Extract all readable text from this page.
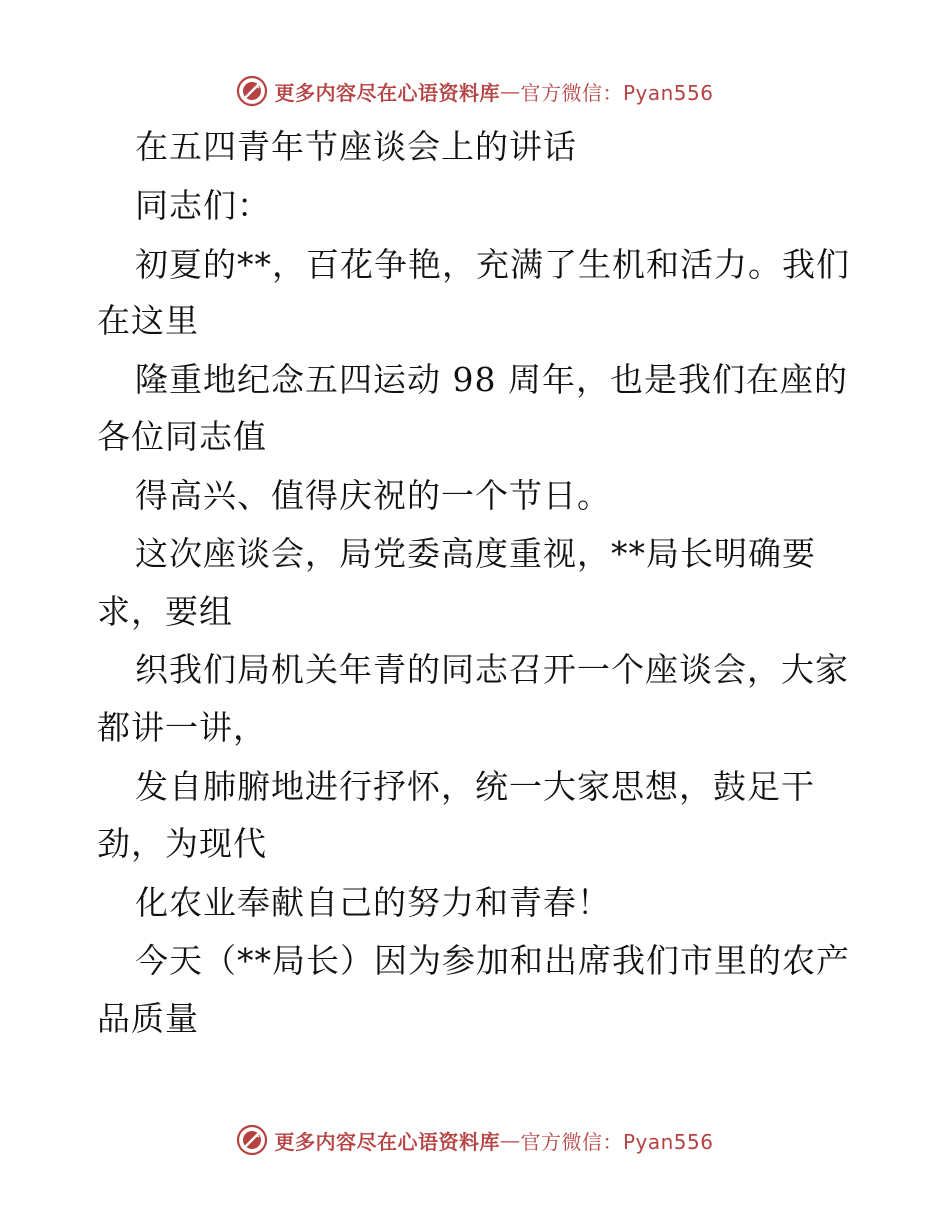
更多内容尽在心语资料库 — 官方微信：Pyan556
在五四青年节座谈会上的讲话
同志们：
初夏的**，百花争艳，充满了生机和活力。我们
在这里
隆重地纪念五四运动 98 周年，也是我们在座的
各位同志值
得高兴、值得庆祝的一个节日。
这次座谈会，局党委高度重视，**局长明确要
求，要组
织我们局机关年青的同志召开一个座谈会，大家
都讲一讲，
发自肺腑地进行抒怀，统一大家思想，鼓足干
劲，为现代
化农业奉献自己的努力和青春！
今天（**局长）因为参加和出席我们市里的农产
品质量
更多内容尽在心语资料库 — 官方微信：Pyan556
